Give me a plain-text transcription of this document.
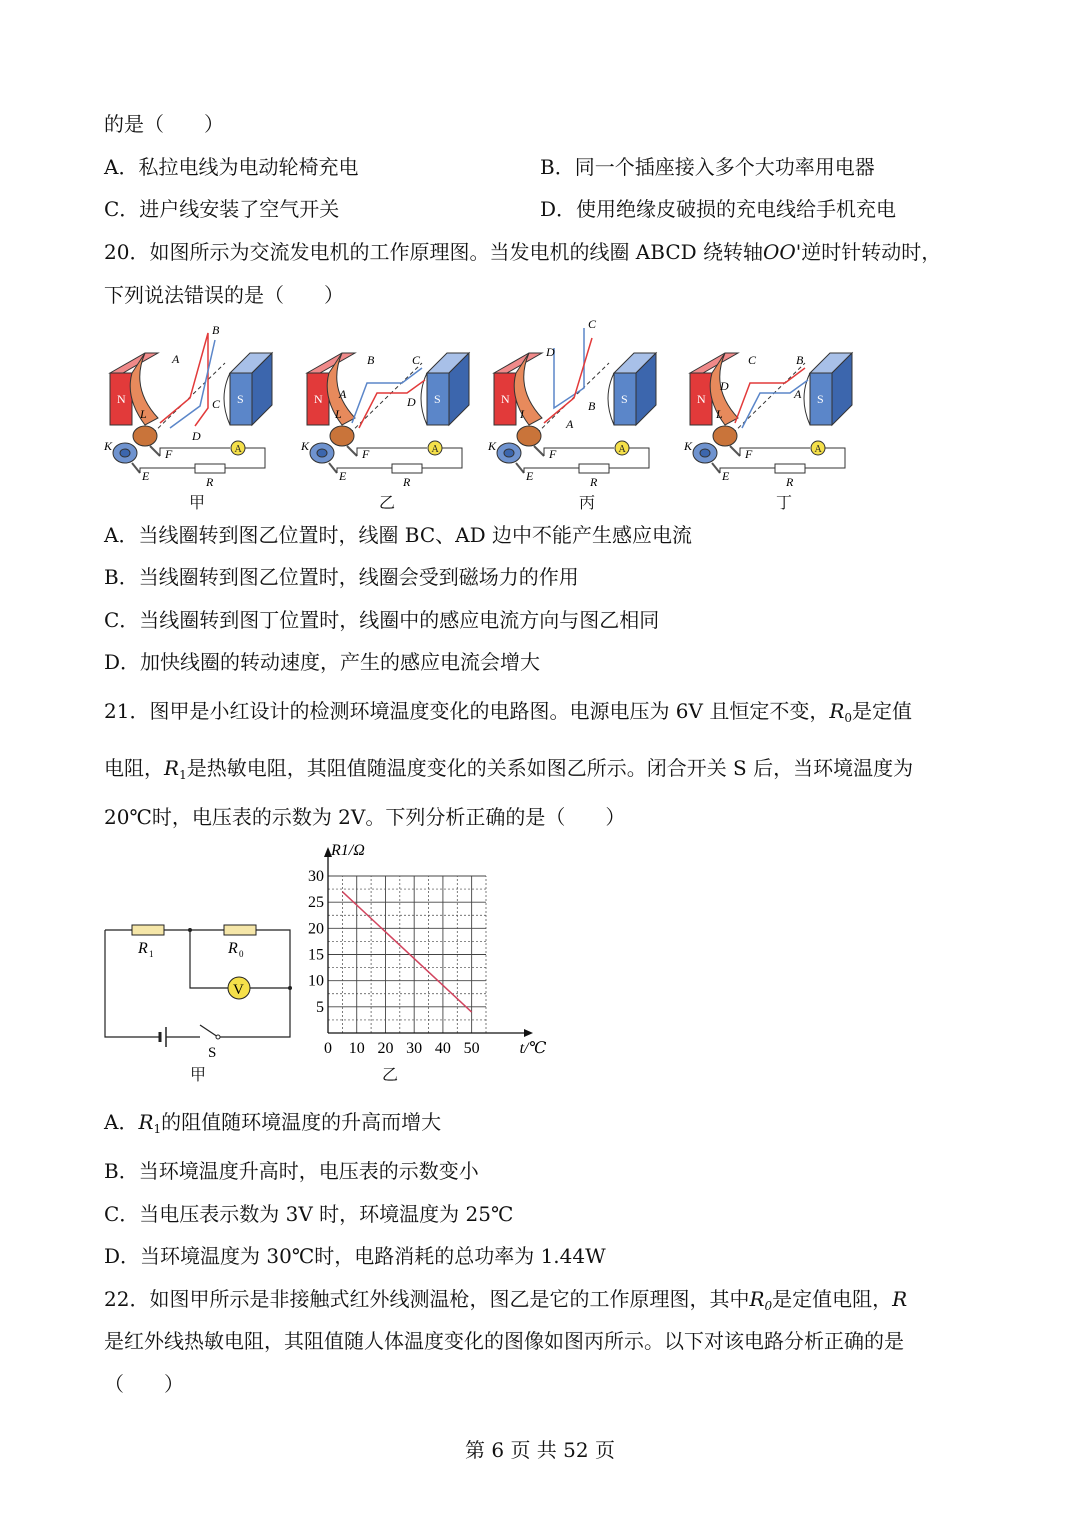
的是（　　）
A．私拉电线为电动轮椅充电	B．同一个插座接入多个大功率用电器
C．进户线安装了空气开关	D．使用绝缘皮破损的充电线给手机充电
20．如图所示为交流发电机的工作原理图。当发电机的线圈 ABCD 绕转轴OO'逆时针转动时，
下列说法错误的是（　　）
A
K
E
F
B
A
C
D
L
B	C
A
D
L
C
D
B
A
I
C	B
D
A
L
甲	乙	丙	丁
A．当线圈转到图乙位置时，线圈 BC、AD 边中不能产生感应电流
B．当线圈转到图乙位置时，线圈会受到磁场力的作用
C．当线圈转到图丁位置时，线圈中的感应电流方向与图乙相同
D．加快线圈的转动速度，产生的感应电流会增大
21．图甲是小红设计的检测环境温度变化的电路图。电源电压为 6V 且恒定不变，$R_0$是定值
电阻，$R_1$是热敏电阻，其阻值随温度变化的关系如图乙所示。闭合开关 S 后，当环境温度为
20℃时，电压表的示数为 2V。下列分析正确的是（　　）
R 1	R 0
V
S
甲
0 10 20 30 40 50
5
10
15
20
25
30
t/℃
R1/Ω
乙
A．$R_1$的阻值随环境温度的升高而增大
B．当环境温度升高时，电压表的示数变小
C．当电压表示数为 3V 时，环境温度为 25℃
D．当环境温度为 30℃时，电路消耗的总功率为 1.44W
22．如图甲所示是非接触式红外线测温枪，图乙是它的工作原理图，其中$R_0$是定值电阻，R
是红外线热敏电阻，其阻值随人体温度变化的图像如图丙所示。以下对该电路分析正确的是
（　　）
第 6 页 共 52 页
